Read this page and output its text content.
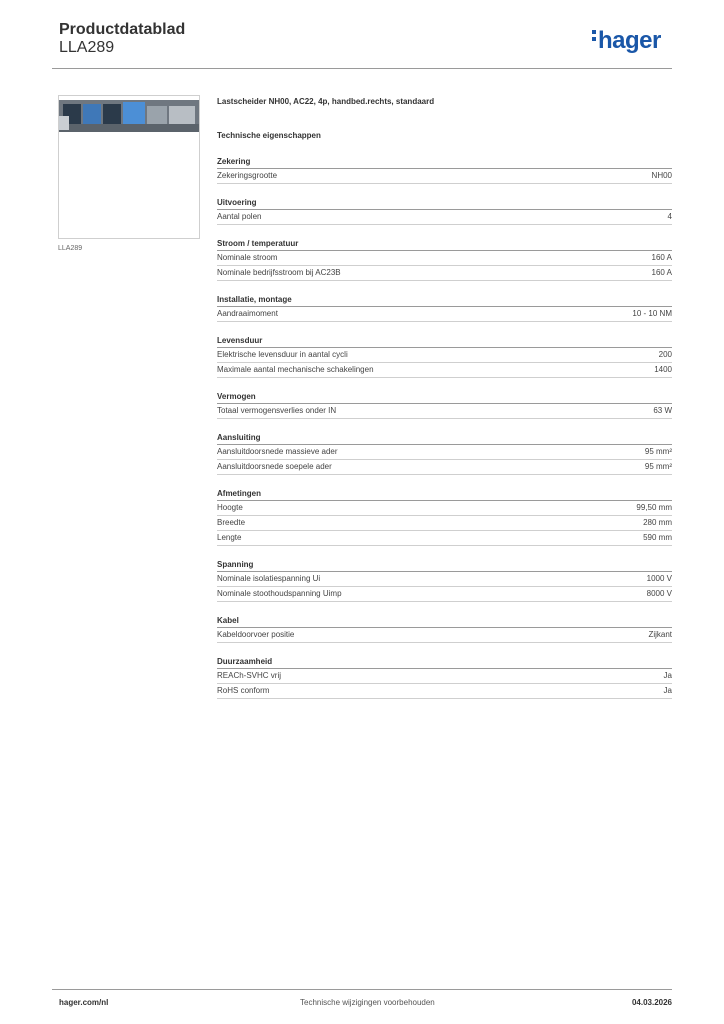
Productdatablad
LLA289	hager
LLA289
Lastscheider NH00, AC22, 4p, handbed.rechts, standaard
Technische eigenschappen
Zekering
Zekeringsgrootte	NH00
Uitvoering
Aantal polen	4
Stroom / temperatuur
Nominale stroom	160 A
Nominale bedrijfsstroom bij AC23B	160 A
Installatie, montage
Aandraaimoment	10 - 10 NM
Levensduur
Elektrische levensduur in aantal cycli	200
Maximale aantal mechanische schakelingen	1400
Vermogen
Totaal vermogensverlies onder IN	63 W
Aansluiting
Aansluitdoorsnede massieve ader	95 mm²
Aansluitdoorsnede soepele ader	95 mm²
Afmetingen
Hoogte	99,50 mm
Breedte	280 mm
Lengte	590 mm
Spanning
Nominale isolatiespanning Ui	1000 V
Nominale stoothoudspanning Uimp	8000 V
Kabel
Kabeldoorvoer positie	Zijkant
Duurzaamheid
REACh-SVHC vrij	Ja
RoHS conform	Ja
hager.com/nl	Technische wijzigingen voorbehouden	04.03.2026
